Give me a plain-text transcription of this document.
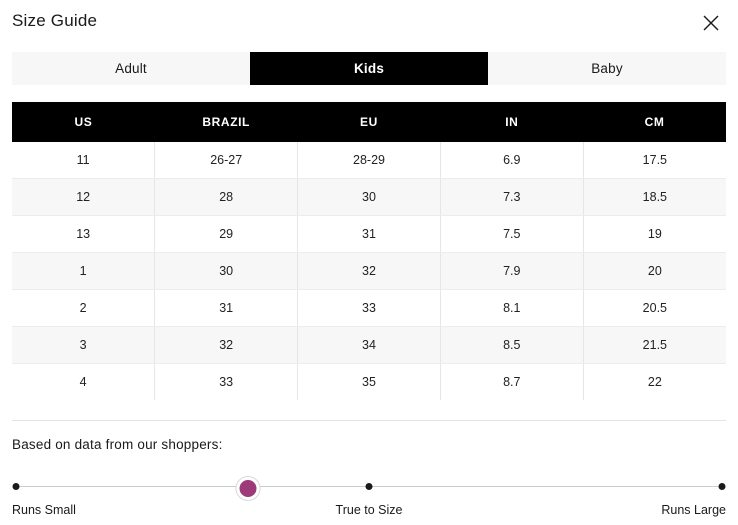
Size Guide
Adult	Kids	Baby
US	BRAZIL	EU	IN	CM
11	26-27	28-29	6.9	17.5
12	28	30	7.3	18.5
13	29	31	7.5	19
1	30	32	7.9	20
2	31	33	8.1	20.5
3	32	34	8.5	21.5
4	33	35	8.7	22
Based on data from our shoppers:
Runs Small	True to Size	Runs Large
